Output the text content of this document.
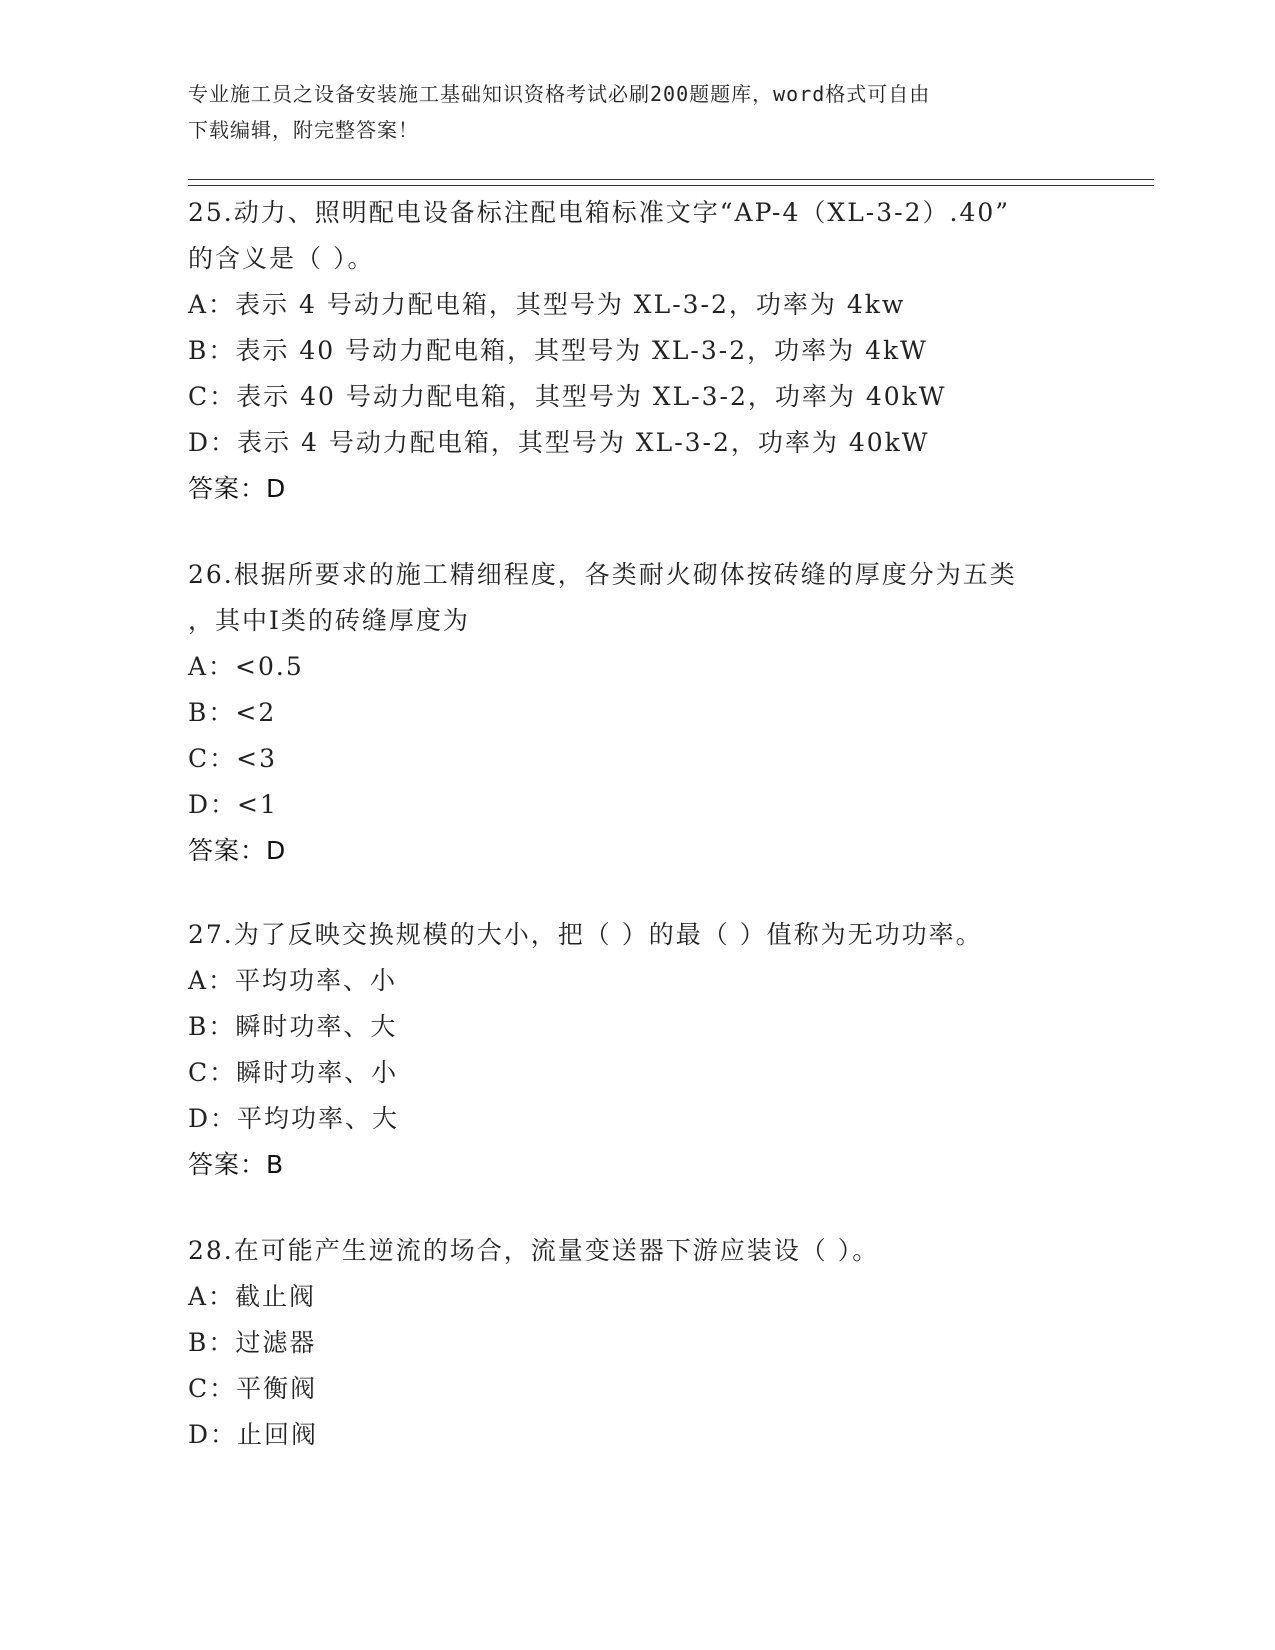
专业施工员之设备安装施工基础知识资格考试必刷200题题库，word格式可自由
下载编辑，附完整答案！
25.动力、照明配电设备标注配电箱标准文字“AP-4（XL-3-2）.40”
的含义是（ ）。
A：表示 4 号动力配电箱，其型号为 XL-3-2，功率为 4kw
B：表示 40 号动力配电箱，其型号为 XL-3-2，功率为 4kW
C：表示 40 号动力配电箱，其型号为 XL-3-2，功率为 40kW
D：表示 4 号动力配电箱，其型号为 XL-3-2，功率为 40kW
答案：D
26.根据所要求的施工精细程度，各类耐火砌体按砖缝的厚度分为五类
，其中Ⅰ类的砖缝厚度为
A：<0.5
B：<2
C：<3
D：<1
答案：D
27.为了反映交换规模的大小，把（ ）的最（ ）值称为无功功率。
A：平均功率、小
B：瞬时功率、大
C：瞬时功率、小
D：平均功率、大
答案：B
28.在可能产生逆流的场合，流量变送器下游应装设（ ）。
A：截止阀
B：过滤器
C：平衡阀
D：止回阀
